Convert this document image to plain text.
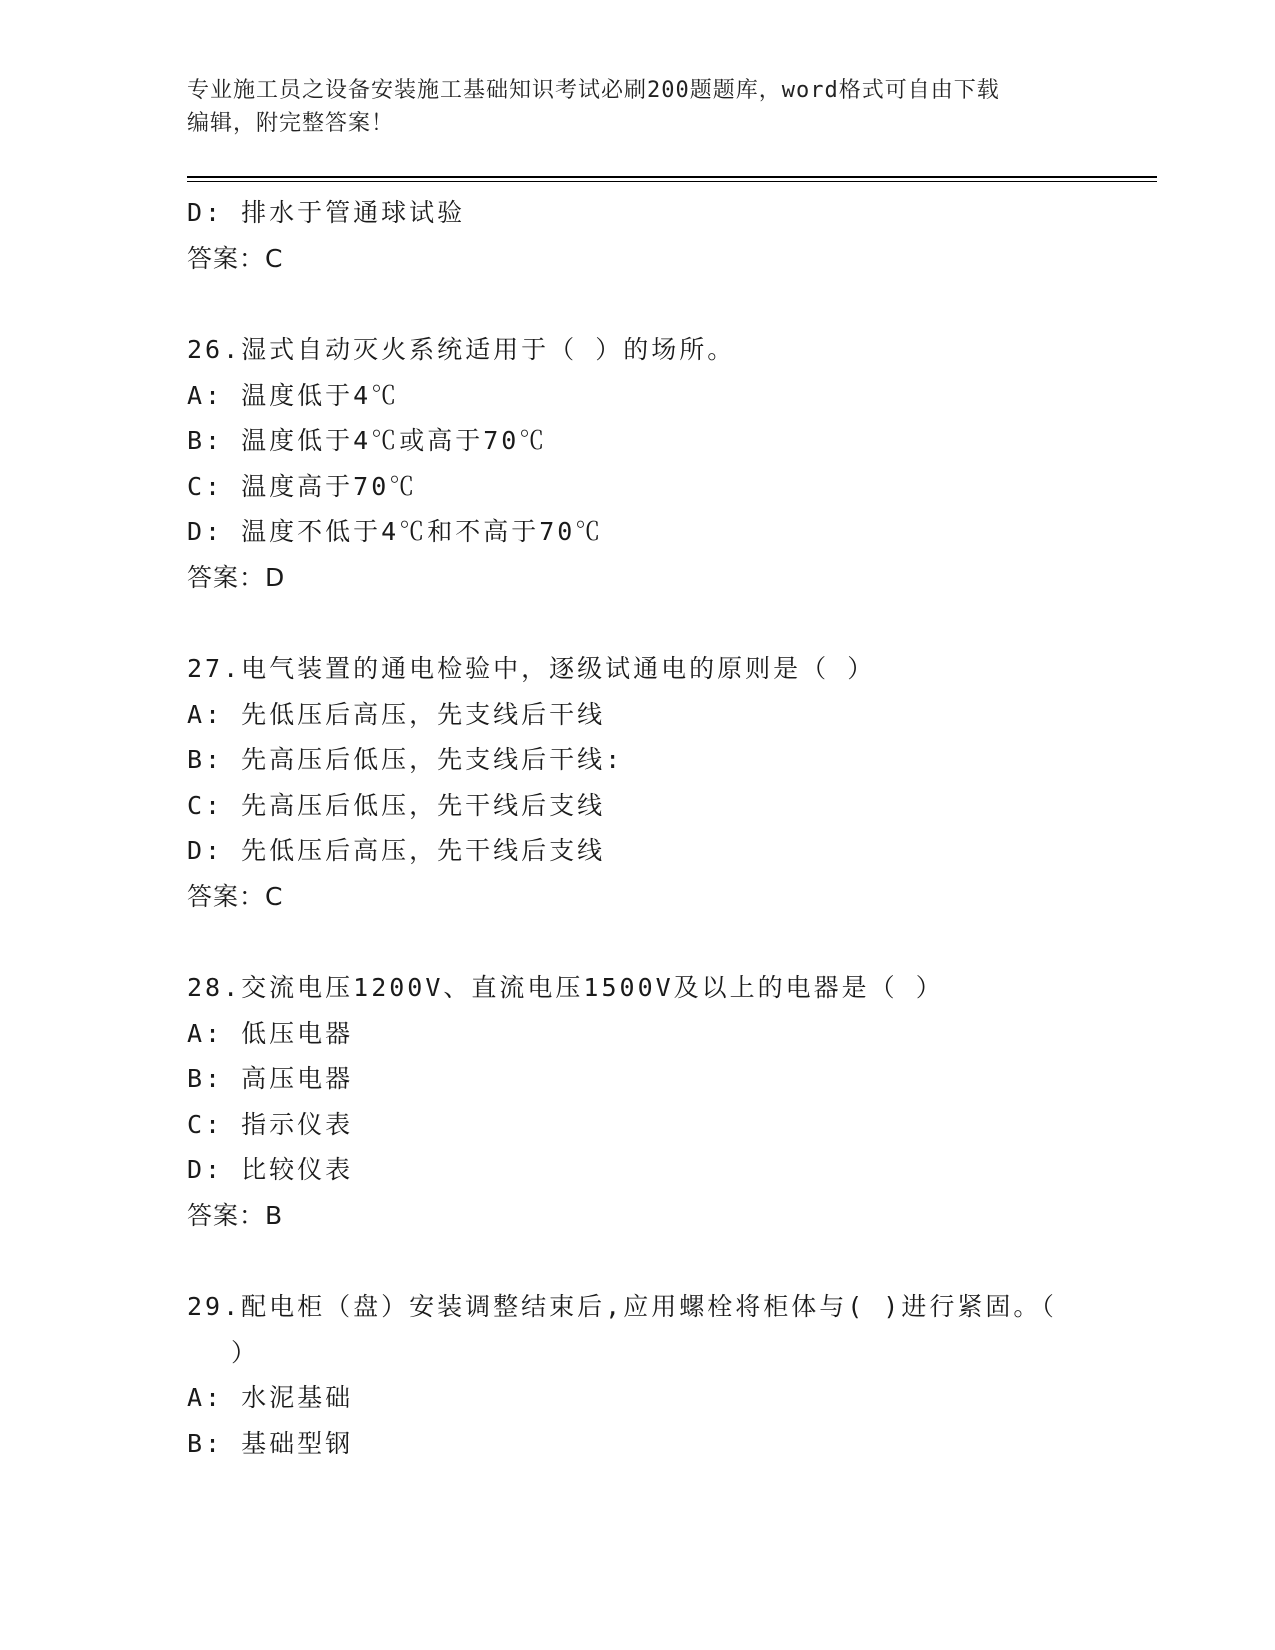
专业施工员之设备安装施工基础知识考试必刷200题题库，word格式可自由下载
编辑，附完整答案！
D: 排水于管通球试验
答案：C
26.湿式自动灭火系统适用于（ ）的场所。
A: 温度低于4℃
B: 温度低于4℃或高于70℃
C: 温度高于70℃
D: 温度不低于4℃和不高于70℃
答案：D
27.电气装置的通电检验中，逐级试通电的原则是（ ）
A: 先低压后高压，先支线后干线
B: 先高压后低压，先支线后干线:
C: 先高压后低压，先干线后支线
D: 先低压后高压，先干线后支线
答案：C
28.交流电压1200V、直流电压1500V及以上的电器是（ ）
A: 低压电器
B: 高压电器
C: 指示仪表
D: 比较仪表
答案：B
29.配电柜（盘）安装调整结束后,应用螺栓将柜体与( )进行紧固。（
）
A: 水泥基础
B: 基础型钢
